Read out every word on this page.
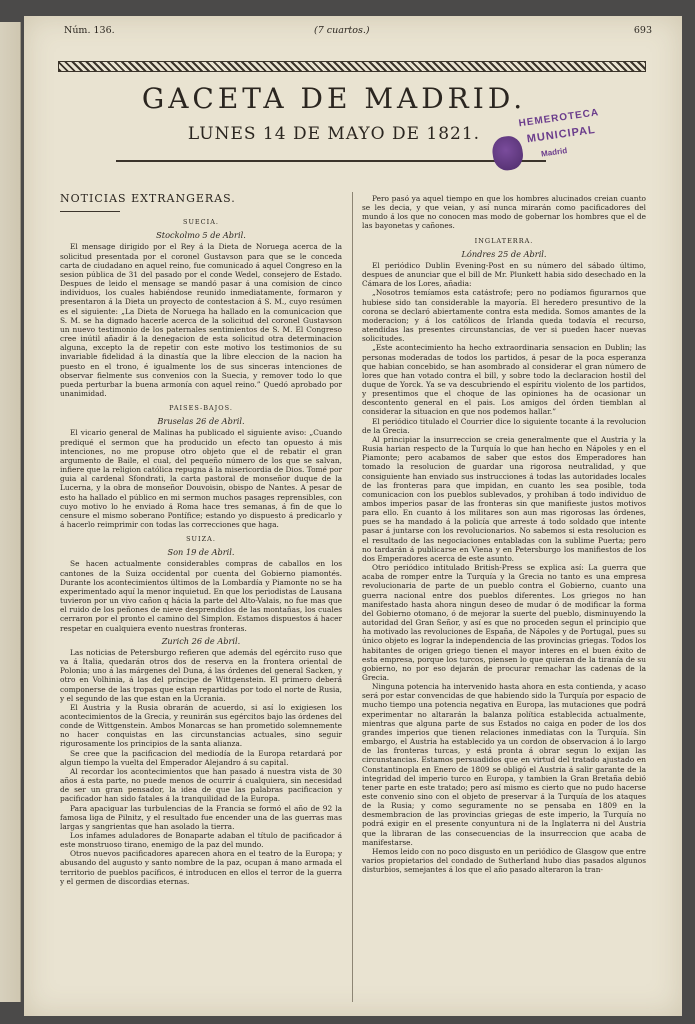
Núm. 136.	(7 cuartos.)	693
GACETA DE MADRID.
LUNES 14 DE MAYO DE 1821.
HEMEROTECA
MUNICIPAL
Madrid
NOTICIAS EXTRANGERAS.
SUECIA.
Stockolmo 5 de Abril.
El mensage dirigido por el Rey á la Dieta de Noruega acerca de la solicitud presentada por el coronel Gustavson para que se le conceda carta de ciudadano en aquel reino, fue comunicado á aquel Congreso en la sesion pública de 31 del pasado por el conde Wedel, consejero de Estado. Despues de leido el mensage se mandó pasar á una comision de cinco individuos, los cuales habiéndose reunido inmediatamente, formaron y presentaron á la Dieta un proyecto de contestacion á S. M., cuyo resúmen es el siguiente: „La Dieta de Noruega ha hallado en la comunicacion que S. M. se ha dignado hacerle acerca de la solicitud del coronel Gustavson un nuevo testimonio de los paternales sentimientos de S. M. El Congreso cree inútil añadir á la denegacion de esta solicitud otra determinacion alguna, excepto la de repetir con este motivo los testimonios de su invariable fidelidad á la dinastía que la libre eleccion de la nacion ha puesto en el trono, é igualmente los de sus sinceras intenciones de observar fielmente sus convenios con la Suecia, y remover todo lo que pueda perturbar la buena armonía con aquel reino.” Quedó aprobado por unanimidad.
PAISES-BAJOS.
Bruselas 26 de Abril.
El vicario general de Malinas ha publicado el siguiente aviso: „Cuando prediqué el sermon que ha producido un efecto tan opuesto á mis intenciones, no me propuse otro objeto que el de rebatir el gran argumento de Baile, el cual, del pequeño número de los que se salvan, infiere que la religion católica repugna á la misericordia de Dios. Tomé por guia al cardenal Sfondrati, la carta pastoral de monseñor duque de la Lucerna, y la obra de monseñor Douvoisin, obispo de Nantes. A pesar de esto ha hallado el público en mi sermon muchos pasages reprensibles, con cuyo motivo lo he enviado á Roma hace tres semanas, á fin de que lo censure el mismo soberano Pontífice; estando yo dispuesto á predicarlo y á hacerlo reimprimir con todas las correcciones que haga.
SUIZA.
Son 19 de Abril.
Se hacen actualmente considerables compras de caballos en los cantones de la Suiza occidental por cuenta del Gobierno piamontés. Durante los acontecimientos últimos de la Lombardía y Piamonte no se ha experimentado aquí la menor inquietud. En que los periodistas de Lausana tuvieron por un vivo cañon q hácia la parte del Alto-Valais, no fue mas que el ruido de los peñones de nieve desprendidos de las montañas, los cuales cerraron por el pronto el camino del Simplon. Estamos dispuestos á hacer respetar en cualquiera evento nuestras fronteras.
Zurich 26 de Abril.
Las noticias de Petersburgo refieren que además del egército ruso que va á Italia, quedarán otros dos de reserva en la frontera oriental de Polonia; uno á las márgenes del Duna, á las órdenes del general Sacken, y otro en Volhinia, á las del príncipe de Wittgenstein. El primero deberá componerse de las tropas que estan repartidas por todo el norte de Rusia, y el segundo de las que estan en la Ucrania.
El Austria y la Rusia obrarán de acuerdo, si así lo exigiesen los acontecimientos de la Grecia, y reunirán sus egércitos bajo las órdenes del conde de Wittgenstein. Ambos Monarcas se han prometido solemnemente no hacer conquistas en las circunstancias actuales, sino seguir rigurosamente los principios de la santa alianza.
Se cree que la pacificacion del mediodía de la Europa retardará por algun tiempo la vuelta del Emperador Alejandro á su capital.
Al recordar los acontecimientos que han pasado á nuestra vista de 30 años á esta parte, no puede menos de ocurrir á cualquiera, sin necesidad de ser un gran pensador, la idea de que las palabras pacificacion y pacificador han sido fatales á la tranquilidad de la Europa.
Para apaciguar las turbulencias de la Francia se formó el año de 92 la famosa liga de Pilnitz, y el resultado fue encender una de las guerras mas largas y sangrientas que han asolado la tierra.
Los infames aduladores de Bonaparte adaban el título de pacificador á este monstruoso tirano, enemigo de la paz del mundo.
Otros nuevos pacificadores aparecen ahora en el teatro de la Europa; y abusando del augusto y santo nombre de la paz, ocupan á mano armada el territorio de pueblos pacíficos, é introducen en ellos el terror de la guerra y el germen de discordias eternas.
Pero pasó ya aquel tiempo en que los hombres alucinados creian cuanto se les decia, y que veian, y así nunca mirarán como pacificadores del mundo á los que no conocen mas modo de gobernar los hombres que el de las bayonetas y cañones.
INGLATERRA.
Lóndres 25 de Abril.
El periódico Dublin Evening-Post en su número del sábado último, despues de anunciar que el bill de Mr. Plunkett habia sido desechado en la Cámara de los Lores, añadia:
„Nosotros temíamos esta catástrofe; pero no podíamos figurarnos que hubiese sido tan considerable la mayoría. El heredero presuntivo de la corona se declaró abiertamente contra esta medida. Somos amantes de la moderacion; y á los católicos de Irlanda queda todavía el recurso, atendidas las presentes circunstancias, de ver si pueden hacer nuevas solicitudes.
„Este acontecimiento ha hecho extraordinaria sensacion en Dublin; las personas moderadas de todos los partidos, á pesar de la poca esperanza que habian concebido, se han asombrado al considerar el gran número de lores que han votado contra el bill, y sobre todo la declaracion hostil del duque de Yorck. Ya se va descubriendo el espíritu violento de los partidos, y presentimos que el choque de las opiniones ha de ocasionar un descontento general en el pais. Los amigos del órden tiemblan al considerar la situacion en que nos podemos hallar.”
El periódico titulado el Courrier dice lo siguiente tocante á la revolucion de la Grecia.
Al principiar la insurreccion se creia generalmente que el Austria y la Rusia harian respecto de la Turquía lo que han hecho en Nápoles y en el Piamonte; pero acabamos de saber que estos dos Emperadores han tomado la resolucion de guardar una rigorosa neutralidad, y que consiguiente han enviado sus instrucciones á todas las autoridades locales de las fronteras para que impidan, en cuanto les sea posible, toda comunicacion con los pueblos sublevados, y prohiban á todo individuo de ambos imperios pasar de las fronteras sin que manifieste justos motivos para ello. En cuanto á los militares son aun mas rigorosas las órdenes, pues se ha mandado á la policía que arreste á todo soldado que intente pasar á juntarse con los revolucionarios. No sabemos si esta resolucion es el resultado de las negociaciones entabladas con la sublime Puerta; pero no tardarán á publicarse en Viena y en Petersburgo los manifiestos de los dos Emperadores acerca de este asunto.
Otro periódico intitulado British-Press se explica así: La guerra que acaba de romper entre la Turquía y la Grecia no tanto es una empresa revolucionaria de parte de un pueblo contra el Gobierno, cuanto una guerra nacional entre dos pueblos diferentes. Los griegos no han manifestado hasta ahora ningun deseo de mudar ó de modificar la forma del Gobierno otomano, ó de mejorar la suerte del pueblo, disminuyendo la autoridad del Gran Señor, y así es que no proceden segun el principio que ha motivado las revoluciones de España, de Nápoles y de Portugal, pues su único objeto es lograr la independencia de las provincias griegas. Todos los habitantes de origen griego tienen el mayor interes en el buen éxito de esta empresa, porque los turcos, piensen lo que quieran de la tiranía de su gobierno, no por eso dejarán de procurar remachar las cadenas de la Grecia.
Ninguna potencia ha intervenido hasta ahora en esta contienda, y acaso será por estar convencidas de que habiendo sido la Turquía por espacio de mucho tiempo una potencia negativa en Europa, las mutaciones que podrá experimentar no altararán la balanza política establecida actualmente, mientras que alguna parte de sus Estados no caiga en poder de los dos grandes imperios que tienen relaciones inmediatas con la Turquía. Sin embargo, el Austria ha establecido ya un cordon de observacion á lo largo de las fronteras turcas, y está pronta á obrar segun lo exijan las circunstancias. Estamos persuadidos que en virtud del tratado ajustado en Constantinopla en Enero de 1809 se obligó el Austria á salir garante de la integridad del imperio turco en Europa, y tambien la Gran Bretaña debió tener parte en este tratado; pero así mismo es cierto que no pudo hacerse este convenio sino con el objeto de preservar á la Turquía de los ataques de la Rusia; y como seguramente no se pensaba en 1809 en la desmembracion de las provincias griegas de este imperio, la Turquía no podrá exigir en el presente conyuntura ni de la Inglaterra ni del Austria que la libraran de las consecuencias de la insurreccion que acaba de manifestarse.
Hemos leido con no poco disgusto en un periódico de Glasgow que entre varios propietarios del condado de Sutherland hubo dias pasados algunos disturbios, semejantes á los que el año pasado alteraron la tran-
